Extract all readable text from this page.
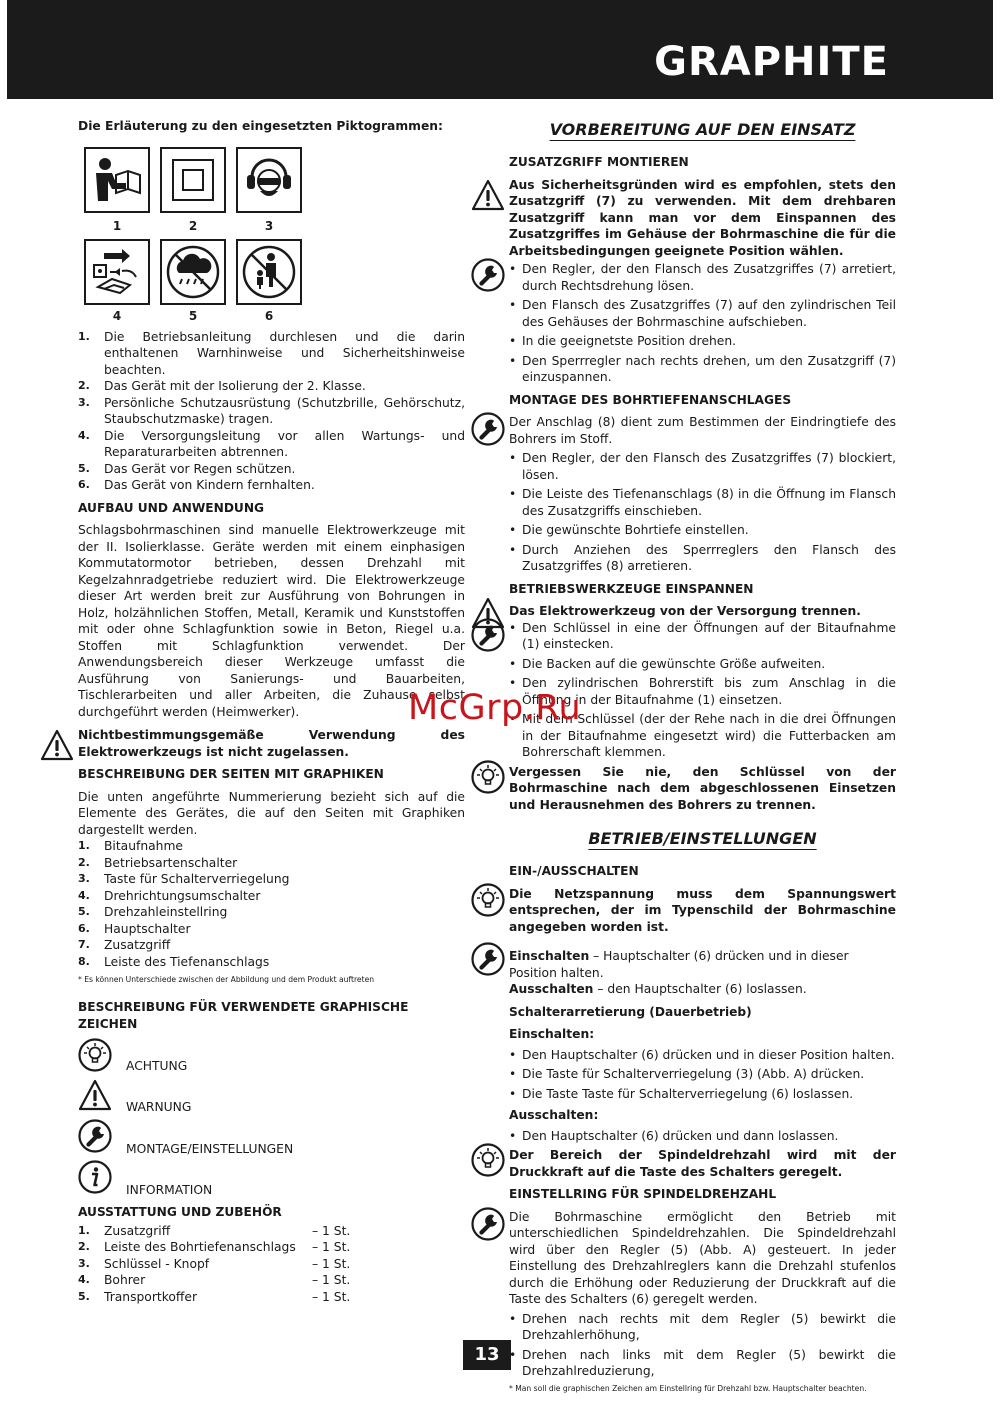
GRAPHITE
Die Erläuterung zu den eingesetzten Piktogrammen:
1	2	3
4	5	6
1. Die Betriebsanleitung durchlesen und die darin enthaltenen Warnhinweise und Sicherheitshinweise beachten.
2. Das Gerät mit der Isolierung der 2. Klasse.
3. Persönliche Schutzausrüstung (Schutzbrille, Gehörschutz, Staubschutzmaske) tragen.
4. Die Versorgungsleitung vor allen Wartungs- und Reparaturarbeiten abtrennen.
5. Das Gerät vor Regen schützen.
6. Das Gerät von Kindern fernhalten.
AUFBAU UND ANWENDUNG

Schlagsbohrmaschinen sind manuelle Elektrowerkzeuge mit der II. Isolierklasse. Geräte werden mit einem einphasigen Kommutatormotor betrieben, dessen Drehzahl mit Kegelzahnradgetriebe reduziert wird. Die Elektrowerkzeuge dieser Art werden breit zur Ausführung von Bohrungen in Holz, holzähnlichen Stoffen, Metall, Keramik und Kunststoffen mit oder ohne Schlagfunktion sowie in Beton, Riegel u.a. Stoffen mit Schlagfunktion verwendet. Der Anwendungsbereich dieser Werkzeuge umfasst die Ausführung von Sanierungs- und Bauarbeiten, Tischlerarbeiten und aller Arbeiten, die Zuhause selbst durchgeführt werden (Heimwerker).

Nichtbestimmungsgemäße Verwendung des Elektrowerkzeugs ist nicht zugelassen.

BESCHREIBUNG DER SEITEN MIT GRAPHIKEN

Die unten angeführte Nummerierung bezieht sich auf die Elemente des Gerätes, die auf den Seiten mit Graphiken dargestellt werden.

1. Bitaufnahme
2. Betriebsartenschalter
3. Taste für Schalterverriegelung
4. Drehrichtungsumschalter
5. Drehzahleinstellring
6. Hauptschalter
7. Zusatzgriff
8. Leiste des Tiefenanschlags
* Es können Unterschiede zwischen der Abbildung und dem Produkt auftreten
BESCHREIBUNG FÜR VERWENDETE GRAPHISCHE ZEICHEN
ACHTUNG
WARNUNG
MONTAGE/EINSTELLUNGEN
INFORMATION
AUSSTATTUNG UND ZUBEHÖR
1. Zusatzgriff	– 1 St.
2. Leiste des Bohrtiefenanschlags	– 1 St.
3. Schlüssel - Knopf	– 1 St.
4. Bohrer	– 1 St.
5. Transportkoffer	– 1 St.
VORBEREITUNG AUF DEN EINSATZ
ZUSATZGRIFF MONTIEREN

Aus Sicherheitsgründen wird es empfohlen, stets den Zusatzgriff (7) zu verwenden. Mit dem drehbaren Zusatzgriff kann man vor dem Einspannen des Zusatzgriffes im Gehäuse der Bohrmaschine die für die Arbeitsbedingungen geeignete Position wählen.

• Den Regler, der den Flansch des Zusatzgriffes (7) arretiert, durch Rechtsdrehung lösen.
• Den Flansch des Zusatzgriffes (7) auf den zylindrischen Teil des Gehäuses der Bohrmaschine aufschieben.
• In die geeignetste Position drehen.
• Den Sperrregler nach rechts drehen, um den Zusatzgriff (7) einzuspannen.
MONTAGE DES BOHRTIEFENANSCHLAGES

Der Anschlag (8) dient zum Bestimmen der Eindringtiefe des Bohrers im Stoff.

• Den Regler, der den Flansch des Zusatzgriffes (7) blockiert, lösen.
• Die Leiste des Tiefenanschlags (8) in die Öffnung im Flansch des Zusatzgriffs einschieben.
• Die gewünschte Bohrtiefe einstellen.
• Durch Anziehen des Sperrreglers den Flansch des Zusatzgriffes (8) arretieren.
BETRIEBSWERKZEUGE EINSPANNEN

Das Elektrowerkzeug von der Versorgung trennen.

• Den Schlüssel in eine der Öffnungen auf der Bitaufnahme (1) einstecken.
• Die Backen auf die gewünschte Größe aufweiten.
• Den zylindrischen Bohrerstift bis zum Anschlag in die Öffnung in der Bitaufnahme (1) einsetzen.
• Mit dem Schlüssel (der der Rehe nach in die drei Öffnungen in der Bitaufnahme eingesetzt wird) die Futterbacken am Bohrerschaft klemmen.

Vergessen Sie nie, den Schlüssel von der Bohrmaschine nach dem abgeschlossenen Einsetzen und Herausnehmen des Bohrers zu trennen.

BETRIEB/EINSTELLUNGEN
EIN-/AUSSCHALTEN

Die Netzspannung muss dem Spannungswert entsprechen, der im Typenschild der Bohrmaschine angegeben worden ist.

Einschalten – Hauptschalter (6) drücken und in dieser Position halten.

Ausschalten – den Hauptschalter (6) loslassen.

Schalterarretierung (Dauerbetrieb)
Einschalten:
• Den Hauptschalter (6) drücken und in dieser Position halten.
• Die Taste für Schalterverriegelung (3) (Abb. A) drücken.
• Die Taste Taste für Schalterverriegelung (6) loslassen.
Ausschalten:
• Den Hauptschalter (6) drücken und dann loslassen.

Der Bereich der Spindeldrehzahl wird mit der Druckkraft auf die Taste des Schalters geregelt.

EINSTELLRING FÜR SPINDELDREHZAHL

Die Bohrmaschine ermöglicht den Betrieb mit unterschiedlichen Spindeldrehzahlen. Die Spindeldrehzahl wird über den Regler (5) (Abb. A) gesteuert. In jeder Einstellung des Drehzahlreglers kann die Drehzahl stufenlos durch die Erhöhung oder Reduzierung der Druckkraft auf die Taste des Schalters (6) geregelt werden.

• Drehen nach rechts mit dem Regler (5) bewirkt die Drehzahlerhöhung,
• Drehen nach links mit dem Regler (5) bewirkt die Drehzahlreduzierung,
* Man soll die graphischen Zeichen am Einstellring für Drehzahl bzw. Hauptschalter beachten.
McGrp.Ru
13
